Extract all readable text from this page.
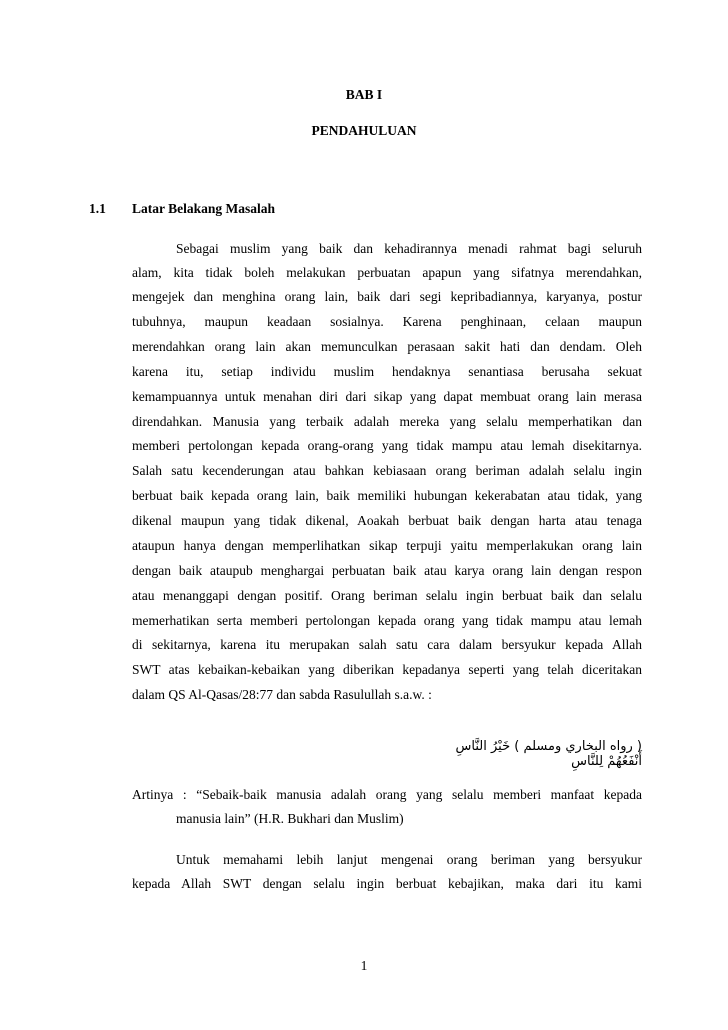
BAB I
PENDAHULUAN
1.1 Latar Belakang Masalah
Sebagai muslim yang baik dan kehadirannya menadi rahmat bagi seluruh
alam, kita tidak boleh melakukan perbuatan apapun yang sifatnya merendahkan,
mengejek dan menghina orang lain, baik dari segi kepribadiannya, karyanya, postur
tubuhnya, maupun keadaan sosialnya. Karena penghinaan, celaan maupun
merendahkan orang lain akan memunculkan perasaan sakit hati dan dendam. Oleh
karena itu, setiap individu muslim hendaknya senantiasa berusaha sekuat
kemampuannya untuk menahan diri dari sikap yang dapat membuat orang lain merasa
direndahkan. Manusia yang terbaik adalah mereka yang selalu memperhatikan dan
memberi pertolongan kepada orang-orang yang tidak mampu atau lemah disekitarnya.
Salah satu kecenderungan atau bahkan kebiasaan orang beriman adalah selalu ingin
berbuat baik kepada orang lain, baik memiliki hubungan kekerabatan atau tidak, yang
dikenal maupun yang tidak dikenal, Aoakah berbuat baik dengan harta atau tenaga
ataupun hanya dengan memperlihatkan sikap terpuji yaitu memperlakukan orang lain
dengan baik ataupub menghargai perbuatan baik atau karya orang lain dengan respon
atau menanggapi dengan positif. Orang beriman selalu ingin berbuat baik dan selalu
memerhatikan serta memberi pertolongan kepada orang yang tidak mampu atau lemah
di sekitarnya, karena itu merupakan salah satu cara dalam bersyukur kepada Allah
SWT atas kebaikan-kebaikan yang diberikan kepadanya seperti yang telah diceritakan
dalam QS Al-Qasas/28:77 dan sabda Rasulullah s.a.w. :
( رواه البخاري ومسلم ) خَيْرُ النَّاسِ أَنْفَعُهُمْ لِلنَّاسِ
Artinya : “Sebaik-baik manusia adalah orang yang selalu memberi manfaat kepada
manusia lain” (H.R. Bukhari dan Muslim)
Untuk memahami lebih lanjut mengenai orang beriman yang bersyukur
kepada Allah SWT dengan selalu ingin berbuat kebajikan, maka dari itu kami
1
